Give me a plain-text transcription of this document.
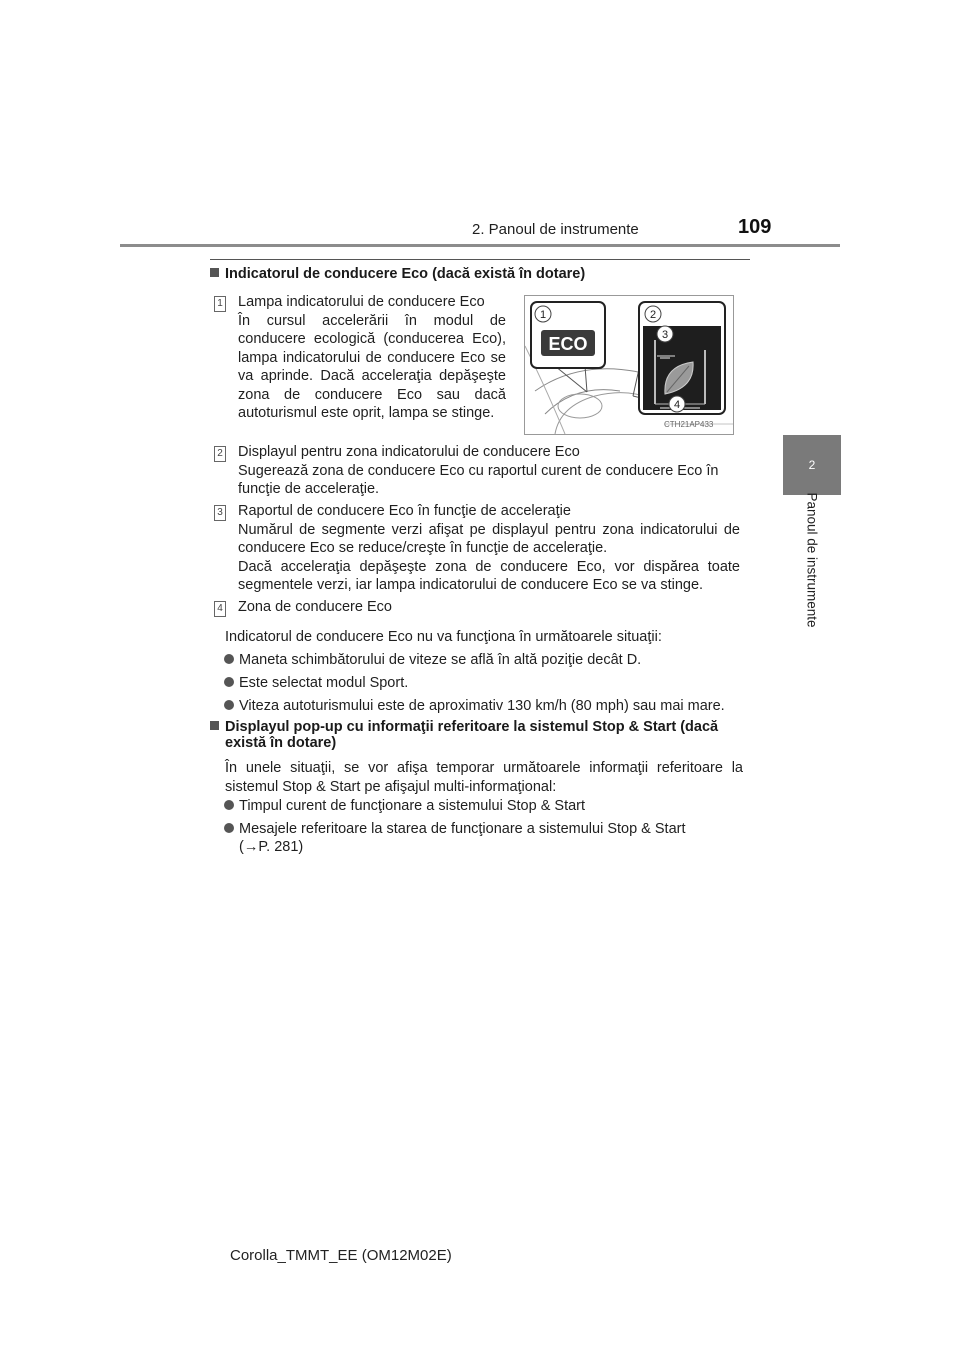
2. Panoul de instrumente	109
2
Panoul de instrumente
Indicatorul de conducere Eco (dacă există în dotare)
1 Lampa indicatorului de conducere Eco
În cursul accelerării în modul de conducere ecologică (conducerea Eco), lampa indicatorului de conducere Eco se va aprinde. Dacă acceleraţia depăşeşte zona de conducere Eco sau dacă autoturismul este oprit, lampa se stinge.
ECO
1	2
3
4
CTH21AP433
2 Displayul pentru zona indicatorului de conducere Eco
Sugerează zona de conducere Eco cu raportul curent de conducere Eco în funcţie de acceleraţie.
3 Raportul de conducere Eco în funcţie de acceleraţie
Numărul de segmente verzi afişat pe displayul pentru zona indicatorului de conducere Eco se reduce/creşte în funcţie de acceleraţie.
Dacă acceleraţia depăşeşte zona de conducere Eco, vor dispărea toate segmentele verzi, iar lampa indicatorului de conducere Eco se va stinge.
4 Zona de conducere Eco
Indicatorul de conducere Eco nu va funcţiona în următoarele situaţii:
Maneta schimbătorului de viteze se află în altă poziţie decât D.
Este selectat modul Sport.
Viteza autoturismului este de aproximativ 130 km/h (80 mph) sau mai mare.
Displayul pop-up cu informaţii referitoare la sistemul Stop & Start (dacă
există în dotare)
În unele situaţii, se vor afişa temporar următoarele informaţii referitoare la sistemul Stop & Start pe afişajul multi-informaţional:
Timpul curent de funcţionare a sistemului Stop & Start
Mesajele referitoare la starea de funcţionare a sistemului Stop & Start
(→P. 281)
Corolla_TMMT_EE (OM12M02E)
